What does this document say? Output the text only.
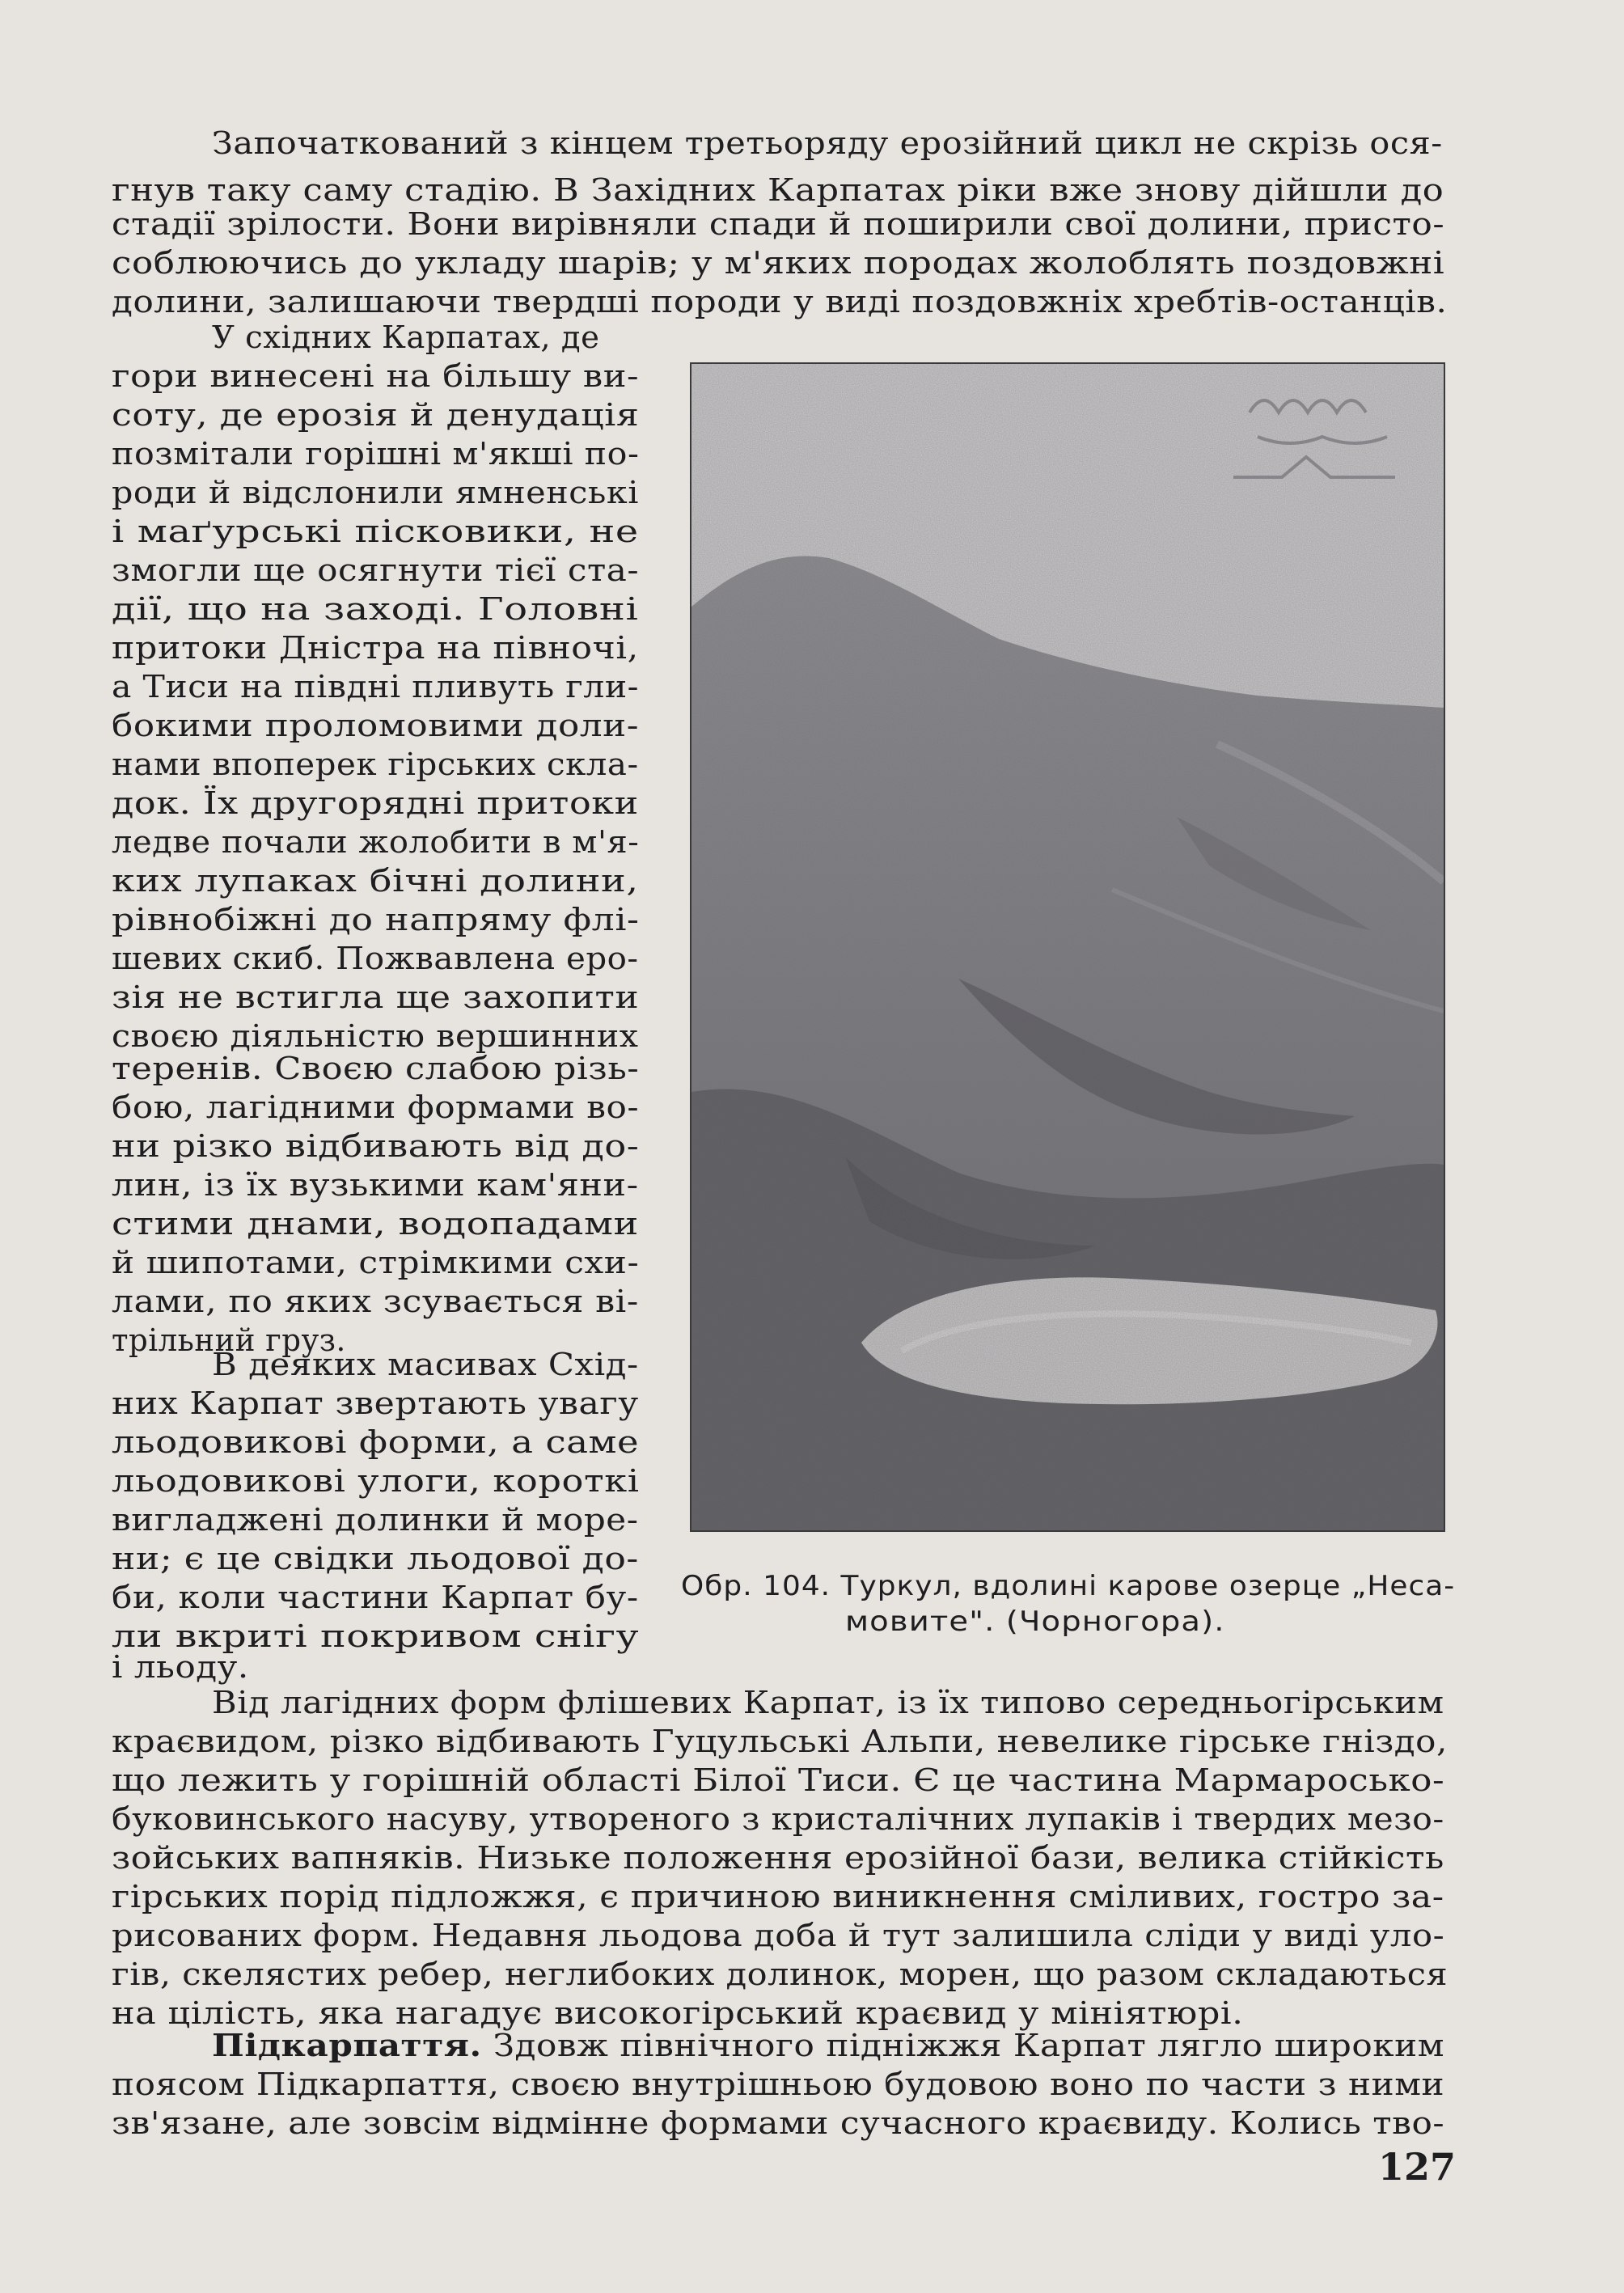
Започаткований з кінцем третьоряду ерозійний цикл не скрізь ося-
гнув таку саму стадію. В Західних Карпатах ріки вже знову дійшли до
стадії зрілости. Вони вирівняли спади й поширили свої долини, присто-
соблюючись до укладу шарів; у м'яких породах жолоблять поздовжні
долини, залишаючи твердші породи у виді поздовжніх хребтів-останців.
У східних Карпатах, де
гори винесені на більшу ви-
соту, де ерозія й денудація
позмітали горішні м'якші по-
роди й відслонили ямненські
і маґурські пісковики, не
змогли ще осягнути тієї ста-
дії, що на заході. Головні
притоки Дністра на півночі,
а Тиси на півдні пливуть гли-
бокими проломовими доли-
нами впоперек гірських скла-
док. Їх другорядні притоки
ледве почали жолобити в м'я-
ких лупаках бічні долини,
рівнобіжні до напряму флі-
шевих скиб. Пожвавлена еро-
зія не встигла ще захопити
своєю діяльністю вершинних
теренів. Своєю слабою різь-
бою, лагідними формами во-
ни різко відбивають від до-
лин, із їх вузькими кам'яни-
стими днами, водопадами
й шипотами, стрімкими схи-
лами, по яких зсувається ві-
трільний груз.
В деяких масивах Схід-
них Карпат звертають увагу
льодовикові форми, а саме
льодовикові улоги, короткі
вигладжені долинки й море-
ни; є це свідки льодової до-
би, коли частини Карпат бу-
ли вкриті покривом снігу
і льоду.
Обр. 104. Туркул, вдолині карове озерце „Неса-
мовите". (Чорногора).
Від лагідних форм флішевих Карпат, із їх типово середньогірським
краєвидом, різко відбивають Гуцульські Альпи, невелике гірське гніздо,
що лежить у горішній області Білої Тиси. Є це частина Мармаросько-
буковинського насуву, утвореного з кристалічних лупаків і твердих мезо-
зойських вапняків. Низьке положення ерозійної бази, велика стійкість
гірських порід підложжя, є причиною виникнення сміливих, гостро за-
рисованих форм. Недавня льодова доба й тут залишила сліди у виді уло-
гів, скелястих ребер, неглибоких долинок, морен, що разом складаються
на цілість, яка нагадує високогірський краєвид у мініятюрі.
Підкарпаття. Здовж північного підніжжя Карпат лягло широким
поясом Підкарпаття, своєю внутрішньою будовою воно по части з ними
зв'язане, але зовсім відмінне формами сучасного краєвиду. Колись тво-
127
